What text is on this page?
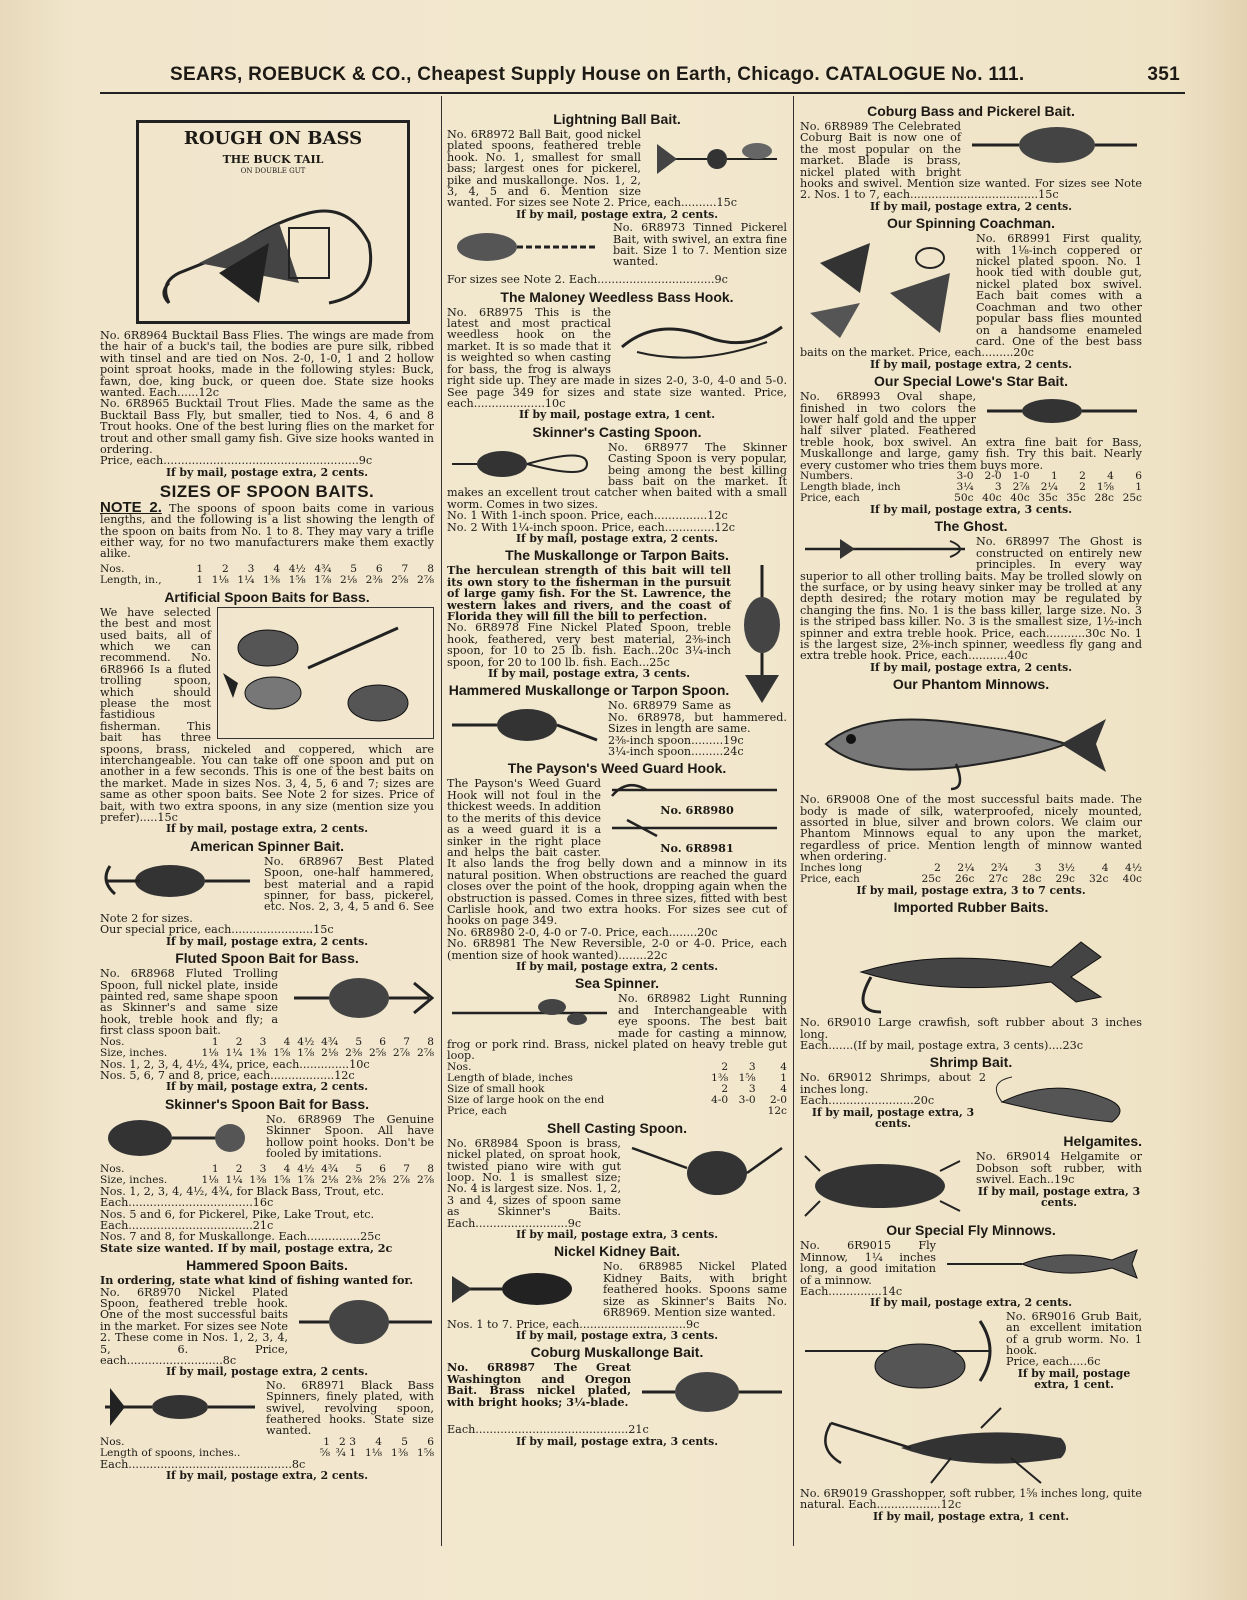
SEARS, ROEBUCK & CO., Cheapest Supply House on Earth, Chicago. CATALOGUE No. 111.	351
ROUGH ON BASS
THE BUCK TAIL
ON DOUBLE GUT

No. 6R8964 Bucktail Bass Flies. The wings are made from the hair of a buck's tail, the bodies are pure silk, ribbed with tinsel and are tied on Nos. 2-0, 1-0, 1 and 2 hollow point sproat hooks, made in the following styles: Buck, fawn, doe, king buck, or queen doe. State size hooks wanted. Each......12c

No. 6R8965 Bucktail Trout Flies. Made the same as the Bucktail Bass Fly, but smaller, tied to Nos. 4, 6 and 8 Trout hooks. One of the best luring flies on the market for trout and other small gamy fish. Give size hooks wanted in ordering.

Price, each.......................................................9c

If by mail, postage extra, 2 cents.

SIZES OF SPOON BAITS.

NOTE 2. The spoons of spoon baits come in various lengths, and the following is a list showing the length of the spoon on baits from No. 1 to 8. They may vary a trifle either way, for no two manufacturers make them exactly alike.

Nos.	1	2	3	4	4½	4¾	5	6	7	8
Length, in.,	1	1⅛	1¼	1⅜	1⅝	1⅞	2⅛	2⅜	2⅝	2⅞
Artificial Spoon Baits for Bass.

We have selected the best and most used baits, all of which we can recommend. No. 6R8966 Is a fluted trolling spoon, which should please the most fastidious fisherman. This bait has three spoons, brass, nickeled and coppered, which are interchangeable. You can take off one spoon and put on another in a few seconds. This is one of the best baits on the market. Made in sizes Nos. 3, 4, 5, 6 and 7; sizes are same as other spoon baits. See Note 2 for sizes. Price of bait, with two extra spoons, in any size (mention size you prefer).....15c

If by mail, postage extra, 2 cents.

American Spinner Bait.

No. 6R8967 Best Plated Spoon, one-half hammered, best material and a rapid spinner, for bass, pickerel, etc. Nos. 2, 3, 4, 5 and 6. See Note 2 for sizes.

Our special price, each.......................15c

If by mail, postage extra, 2 cents.

Fluted Spoon Bait for Bass.

No. 6R8968 Fluted Trolling Spoon, full nickel plate, inside painted red, same shape spoon as Skinner's and same size hook, treble hook and fly; a first class spoon bait.

Nos.	1	2	3	4	4½	4¾	5	6	7	8
Size, inches.	1⅛	1¼	1⅜	1⅝	1⅞	2⅛	2⅜	2⅝	2⅞	2⅞

Nos. 1, 2, 3, 4, 4½, 4¾, price, each..............10c

Nos. 5, 6, 7 and 8, price, each..................12c

If by mail, postage extra, 2 cents.

Skinner's Spoon Bait for Bass.

No. 6R8969 The Genuine Skinner Spoon. All have hollow point hooks. Don't be fooled by imitations.

Nos.	1	2	3	4	4½	4¾	5	6	7	8
Size, inches.	1⅛	1¼	1⅜	1⅝	1⅞	2⅛	2⅜	2⅝	2⅞	2⅞

Nos. 1, 2, 3, 4, 4½, 4¾, for Black Bass, Trout, etc.

Each...................................16c

Nos. 5 and 6, for Pickerel, Pike, Lake Trout, etc.

Each...................................21c

Nos. 7 and 8, for Muskallonge. Each...............25c

State size wanted. If by mail, postage extra, 2c

Hammered Spoon Baits.

In ordering, state what kind of fishing wanted for.

No. 6R8970 Nickel Plated Spoon, feathered treble hook. One of the most successful baits in the market. For sizes see Note 2. These come in Nos. 1, 2, 3, 4, 5, 6. Price, each...........................8c

If by mail, postage extra, 2 cents.

No. 6R8971 Black Bass Spinners, finely plated, with swivel, revolving spoon, feathered hooks. State size wanted.

Nos.	1	2	3	4	5	6
Length of spoons, inches..	⅝	¾	1	1⅛	1⅜	1⅝

Each..............................................8c

If by mail, postage extra, 2 cents.

Lightning Ball Bait.

No. 6R8972 Ball Bait, good nickel plated spoons, feathered treble hook. No. 1, smallest for small bass; largest ones for pickerel, pike and muskallonge. Nos. 1, 2, 3, 4, 5 and 6. Mention size wanted. For sizes see Note 2. Price, each..........15c

If by mail, postage extra, 2 cents.

No. 6R8973 Tinned Pickerel Bait, with swivel, an extra fine bait. Size 1 to 7. Mention size wanted.

For sizes see Note 2. Each.................................9c

The Maloney Weedless Bass Hook.

No. 6R8975 This is the latest and most practical weedless hook on the market. It is so made that it is weighted so when casting for bass, the frog is always right side up. They are made in sizes 2-0, 3-0, 4-0 and 5-0. See page 349 for sizes and state size wanted. Price, each....................10c

If by mail, postage extra, 1 cent.

Skinner's Casting Spoon.

No. 6R8977 The Skinner Casting Spoon is very popular, being among the best killing bass bait on the market. It makes an excellent trout catcher when baited with a small worm. Comes in two sizes.

No. 1 With 1-inch spoon. Price, each...............12c

No. 2 With 1¼-inch spoon. Price, each..............12c

If by mail, postage extra, 2 cents.

The Muskallonge or Tarpon Baits.

The herculean strength of this bait will tell its own story to the fisherman in the pursuit of large gamy fish. For the St. Lawrence, the western lakes and rivers, and the coast of Florida they will fill the bill to perfection.

No. 6R8978 Fine Nickel Plated Spoon, treble hook, feathered, very best material, 2⅜-inch spoon, for 10 to 25 lb. fish. Each..20c 3¼-inch spoon, for 20 to 100 lb. fish. Each...25c

If by mail, postage extra, 3 cents.

Hammered Muskallonge or Tarpon Spoon.

No. 6R8979 Same as No. 6R8978, but hammered. Sizes in length are same.

2⅜-inch spoon.........19c

3¼-inch spoon.........24c

The Payson's Weed Guard Hook.
No. 6R8980
No. 6R8981

The Payson's Weed Guard Hook will not foul in the thickest weeds. In addition to the merits of this device as a weed guard it is a sinker in the right place and helps the bait caster. It also lands the frog belly down and a minnow in its natural position. When obstructions are reached the guard closes over the point of the hook, dropping again when the obstruction is passed. Comes in three sizes, fitted with best Carlisle hook, and two extra hooks. For sizes see cut of hooks on page 349.

No. 6R8980 2-0, 4-0 or 7-0. Price, each........20c

No. 6R8981 The New Reversible, 2-0 or 4-0. Price, each (mention size of hook wanted)........22c

If by mail, postage extra, 2 cents.

Sea Spinner.

No. 6R8982 Light Running and Interchangeable with eye spoons. The best bait made for casting a minnow, frog or pork rind. Brass, nickel plated on heavy treble gut loop.

Nos.	2	3	4
Length of blade, inches	1⅜	1⅝	1
Size of small hook	2	3	4
Size of large hook on the end	4-0	3-0	2-0
Price, each			12c
Shell Casting Spoon.

No. 6R8984 Spoon is brass, nickel plated, on sproat hook, twisted piano wire with gut loop. No. 1 is smallest size; No. 4 is largest size. Nos. 1, 2, 3 and 4, sizes of spoon same as Skinner's Baits. Each..........................9c

If by mail, postage extra, 3 cents.

Nickel Kidney Bait.

No. 6R8985 Nickel Plated Kidney Baits, with bright feathered hooks. Spoons same size as Skinner's Baits No. 6R8969. Mention size wanted.

Nos. 1 to 7. Price, each..............................9c

If by mail, postage extra, 3 cents.

Coburg Muskallonge Bait.

No. 6R8987 The Great Washington and Oregon Bait. Brass nickel plated, with bright hooks; 3¼-blade.

Each...........................................21c

If by mail, postage extra, 3 cents.

Coburg Bass and Pickerel Bait.

No. 6R8989 The Celebrated Coburg Bait is now one of the most popular on the market. Blade is brass, nickel plated with bright hooks and swivel. Mention size wanted. For sizes see Note 2. Nos. 1 to 7, each....................................15c

If by mail, postage extra, 2 cents.

Our Spinning Coachman.

No. 6R8991 First quality, with 1⅛-inch coppered or nickel plated spoon. No. 1 hook tied with double gut, nickel plated box swivel. Each bait comes with a Coachman and two other popular bass flies mounted on a handsome enameled card. One of the best bass baits on the market. Price, each.........20c

If by mail, postage extra, 2 cents.

Our Special Lowe's Star Bait.

No. 6R8993 Oval shape, finished in two colors the lower half gold and the upper half silver plated. Feathered treble hook, box swivel. An extra fine bait for Bass, Muskallonge and large, gamy fish. Try this bait. Nearly every customer who tries them buys more.

Numbers.	3-0	2-0	1-0	1	2	4	6
Length blade, inch	3¼	3	2⅞	2¼	2	1⅝	1
Price, each	50c	40c	40c	35c	35c	28c	25c

If by mail, postage extra, 3 cents.

The Ghost.

No. 6R8997 The Ghost is constructed on entirely new principles. In every way superior to all other trolling baits. May be trolled slowly on the surface, or by using heavy sinker may be trolled at any depth desired; the rotary motion may be regulated by changing the fins. No. 1 is the bass killer, large size. No. 3 is the striped bass killer. No. 3 is the smallest size, 1½-inch spinner and extra treble hook. Price, each...........30c No. 1 is the largest size, 2⅜-inch spinner, weedless fly gang and extra treble hook. Price, each...........40c

If by mail, postage extra, 2 cents.

Our Phantom Minnows.

No. 6R9008 One of the most successful baits made. The body is made of silk, waterproofed, nicely mounted, assorted in blue, silver and brown colors. We claim our Phantom Minnows equal to any upon the market, regardless of price. Mention length of minnow wanted when ordering.

Inches long	2	2¼	2¾	3	3½	4	4½
Price, each	25c	26c	27c	28c	29c	32c	40c

If by mail, postage extra, 3 to 7 cents.

Imported Rubber Baits.

No. 6R9010 Large crawfish, soft rubber about 3 inches long.

Each.......(If by mail, postage extra, 3 cents)....23c

Shrimp Bait.

No. 6R9012 Shrimps, about 2 inches long.

Each........................20c

If by mail, postage extra, 3 cents.

Helgamites.

No. 6R9014 Helgamite or Dobson soft rubber, with swivel. Each..19c

If by mail, postage extra, 3 cents.

Our Special Fly Minnows.

No. 6R9015 Fly Minnow, 1¼ inches long, a good imitation of a minnow.

Each...............14c

If by mail, postage extra, 2 cents.

No. 6R9016 Grub Bait, an excellent imitation of a grub worm. No. 1 hook.

Price, each.....6c

If by mail, postage extra, 1 cent.

No. 6R9019 Grasshopper, soft rubber, 1⅝ inches long, quite natural. Each..................12c

If by mail, postage extra, 1 cent.
